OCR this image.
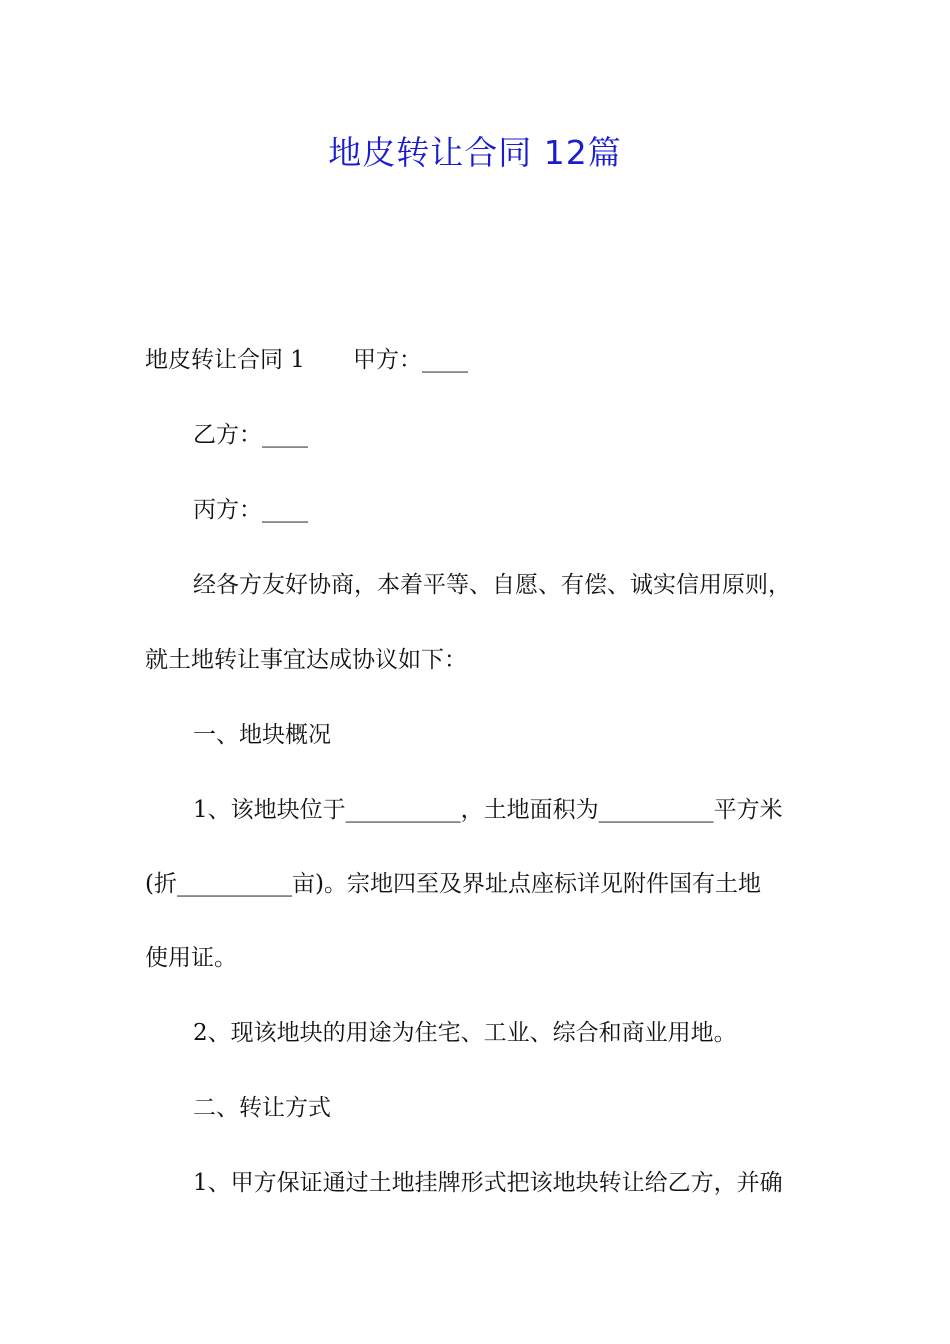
地皮转让合同 12篇

地皮转让合同 1 甲方：____

乙方：____

丙方：____

经各方友好协商，本着平等、自愿、有偿、诚实信用原则，

就土地转让事宜达成协议如下：

一、地块概况

1、该地块位于__________，土地面积为__________平方米

(折__________亩)。宗地四至及界址点座标详见附件国有土地

使用证。

2、现该地块的用途为住宅、工业、综合和商业用地。

二、转让方式

1、甲方保证通过土地挂牌形式把该地块转让给乙方，并确
